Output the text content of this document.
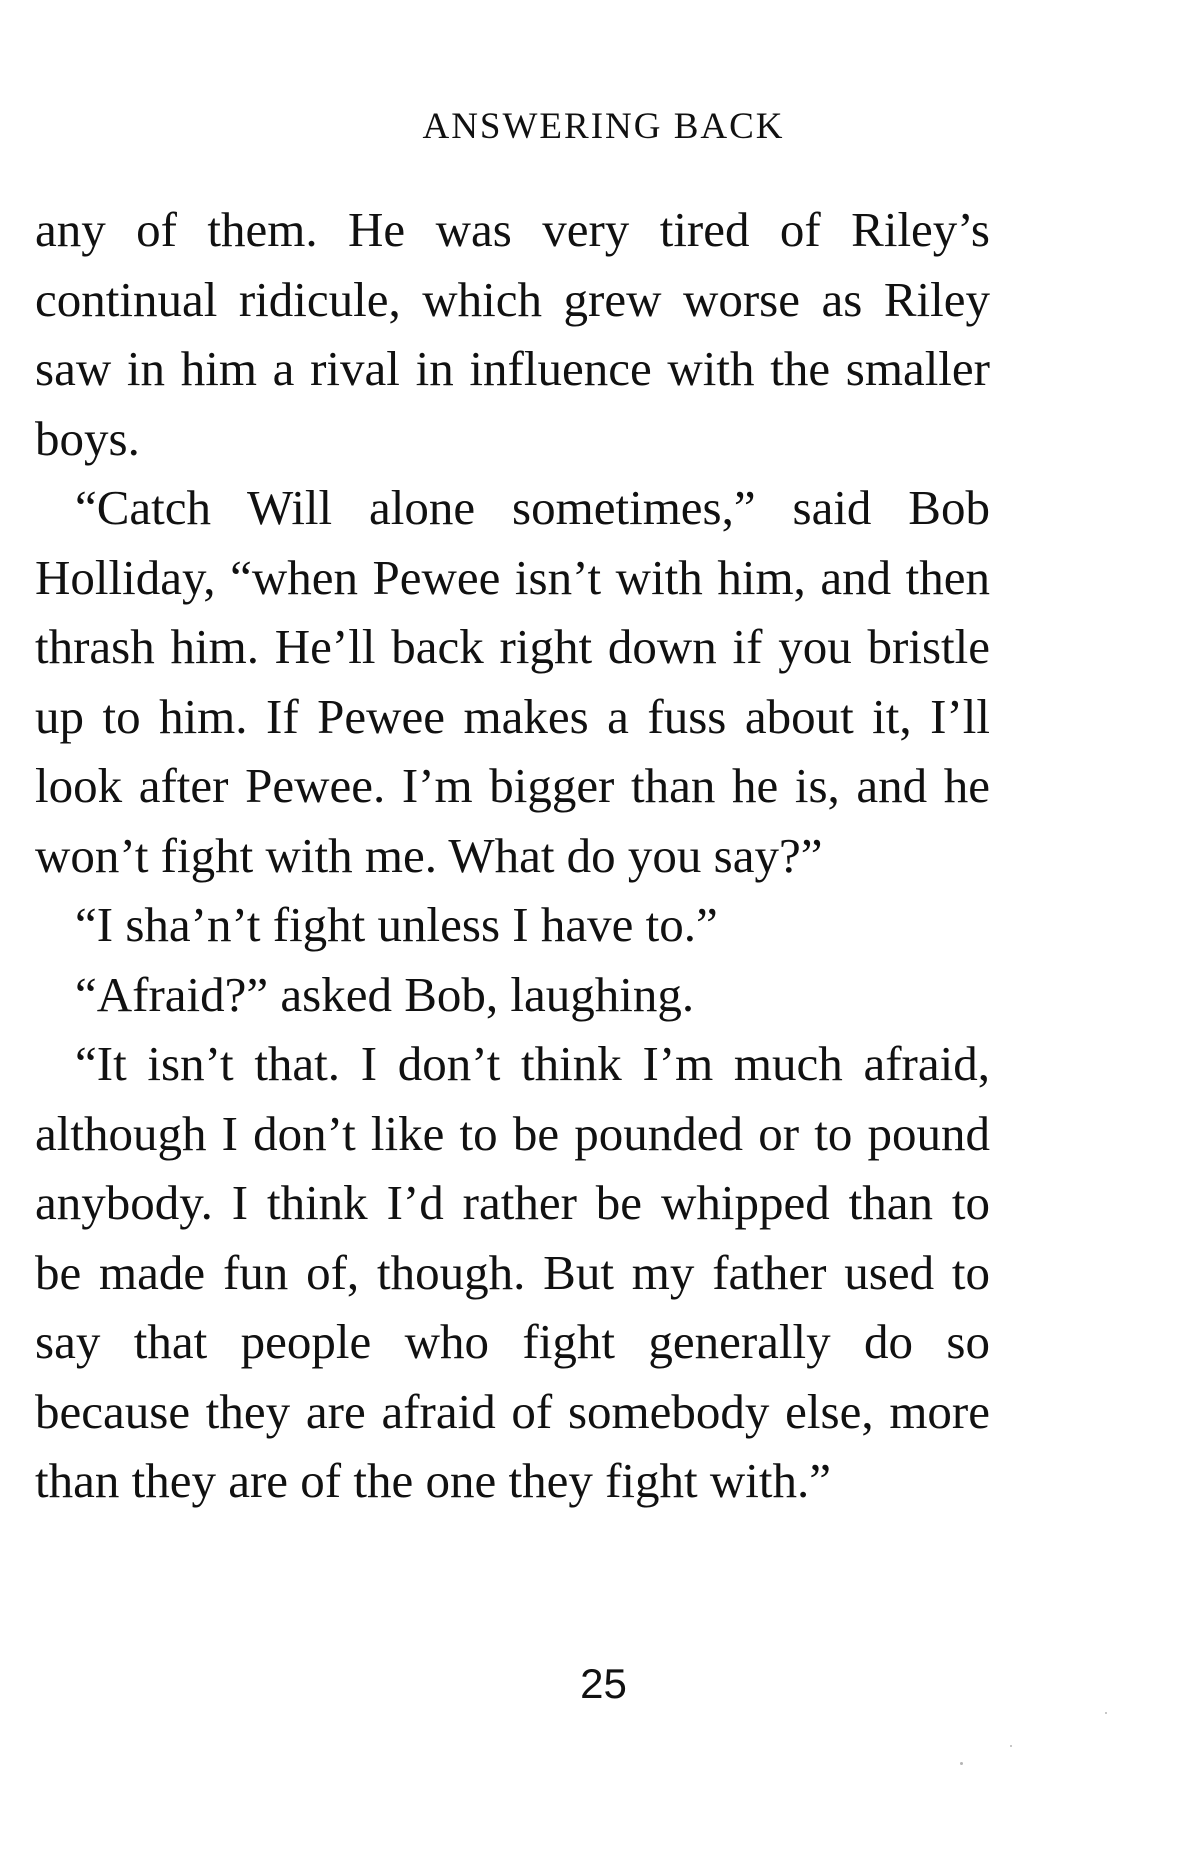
ANSWERING BACK

any of them. He was very tired of Riley’s continual ridicule, which grew worse as Riley saw in him a rival in influence with the smaller boys.

“Catch Will alone sometimes,” said Bob Holliday, “when Pewee isn’t with him, and then thrash him. He’ll back right down if you bristle up to him. If Pewee makes a fuss about it, I’ll look after Pewee. I’m bigger than he is, and he won’t fight with me. What do you say?”

“I sha’n’t fight unless I have to.”

“Afraid?” asked Bob, laughing.

“It isn’t that. I don’t think I’m much afraid, although I don’t like to be pounded or to pound anybody. I think I’d rather be whipped than to be made fun of, though. But my father used to say that people who fight generally do so because they are afraid of somebody else, more than they are of the one they fight with.”

25
